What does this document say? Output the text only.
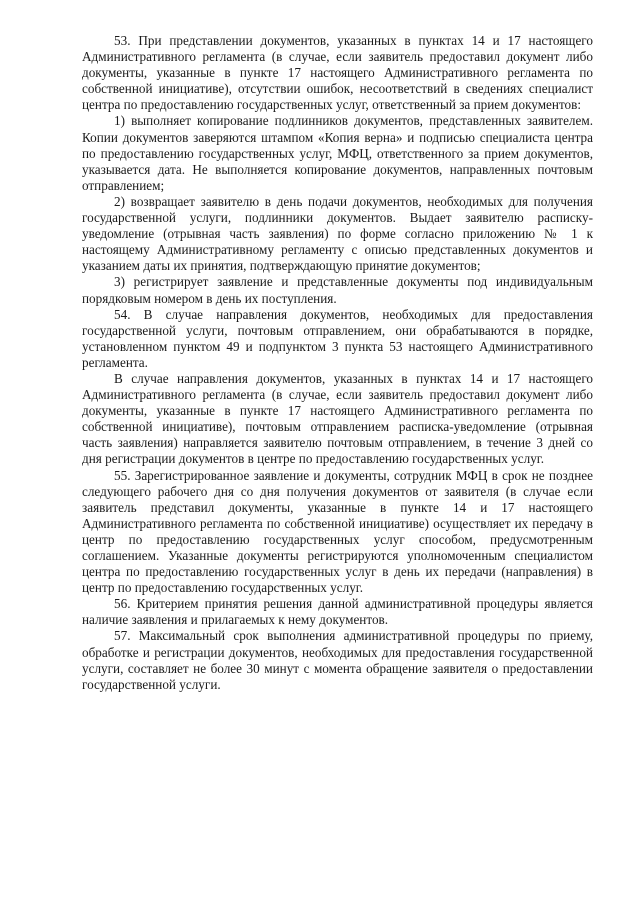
53. При представлении документов, указанных в пунктах 14 и 17 настоящего Административного регламента (в случае, если заявитель предоставил документ либо документы, указанные в пункте 17 настоящего Административного регламента по собственной инициативе), отсутствии ошибок, несоответствий в сведениях специалист центра по предоставлению государственных услуг, ответственный за прием документов:

1) выполняет копирование подлинников документов, представленных заявителем. Копии документов заверяются штампом «Копия верна» и подписью специалиста центра по предоставлению государственных услуг, МФЦ, ответственного за прием документов, указывается дата. Не выполняется копирование документов, направленных почтовым отправлением;

2) возвращает заявителю в день подачи документов, необходимых для получения государственной услуги, подлинники документов. Выдает заявителю расписку-уведомление (отрывная часть заявления) по форме согласно приложению № 1 к настоящему Административному регламенту с описью представленных документов и указанием даты их принятия, подтверждающую принятие документов;

3) регистрирует заявление и представленные документы под индивидуальным порядковым номером в день их поступления.

54. В случае направления документов, необходимых для предоставления государственной услуги, почтовым отправлением, они обрабатываются в порядке, установленном пунктом 49 и подпунктом 3 пункта 53 настоящего Административного регламента.

В случае направления документов, указанных в пунктах 14 и 17 настоящего Административного регламента (в случае, если заявитель предоставил документ либо документы, указанные в пункте 17 настоящего Административного регламента по собственной инициативе), почтовым отправлением расписка-уведомление (отрывная часть заявления) направляется заявителю почтовым отправлением, в течение 3 дней со дня регистрации документов в центре по предоставлению государственных услуг.

55. Зарегистрированное заявление и документы, сотрудник МФЦ в срок не позднее следующего рабочего дня со дня получения документов от заявителя (в случае если заявитель представил документы, указанные в пункте 14 и 17 настоящего Административного регламента по собственной инициативе) осуществляет их передачу в центр по предоставлению государственных услуг способом, предусмотренным соглашением. Указанные документы регистрируются уполномоченным специалистом центра по предоставлению государственных услуг в день их передачи (направления) в центр по предоставлению государственных услуг.

56. Критерием принятия решения данной административной процедуры является наличие заявления и прилагаемых к нему документов.

57. Максимальный срок выполнения административной процедуры по приему, обработке и регистрации документов, необходимых для предоставления государственной услуги, составляет не более 30 минут с момента обращение заявителя о предоставлении государственной услуги.
